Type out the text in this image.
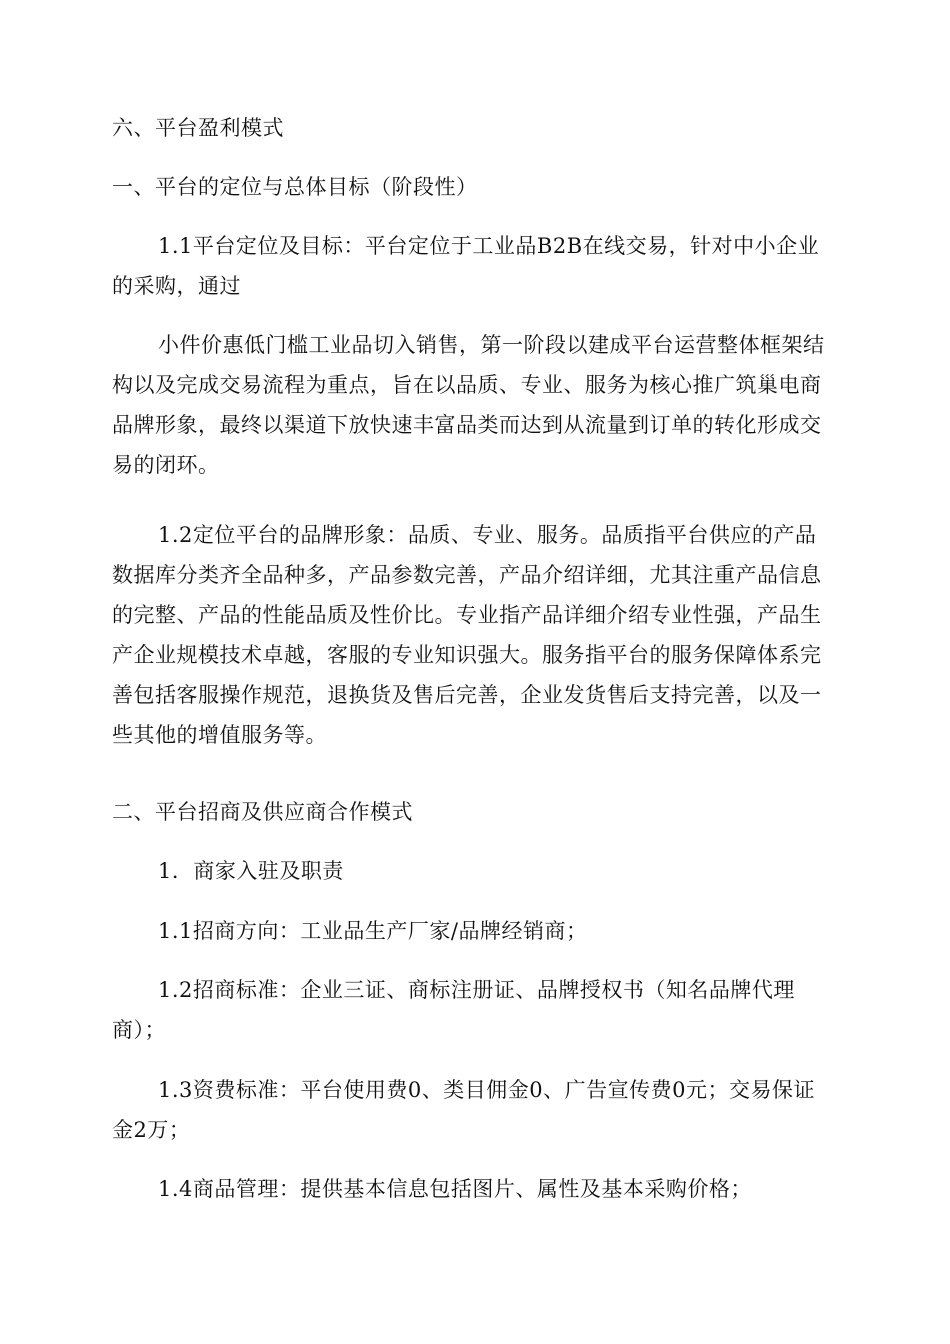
六、平台盈利模式

一、平台的定位与总体目标（阶段性）

1.1平台定位及目标：平台定位于工业品B2B在线交易，针对中小企业的采购，通过

小件价惠低门槛工业品切入销售，第一阶段以建成平台运营整体框架结构以及完成交易流程为重点，旨在以品质、专业、服务为核心推广筑巢电商品牌形象，最终以渠道下放快速丰富品类而达到从流量到订单的转化形成交易的闭环。

1.2定位平台的品牌形象：品质、专业、服务。品质指平台供应的产品数据库分类齐全品种多，产品参数完善，产品介绍详细，尤其注重产品信息的完整、产品的性能品质及性价比。专业指产品详细介绍专业性强，产品生产企业规模技术卓越，客服的专业知识强大。服务指平台的服务保障体系完善包括客服操作规范，退换货及售后完善，企业发货售后支持完善，以及一些其他的增值服务等。

二、平台招商及供应商合作模式

1．商家入驻及职责

1.1招商方向：工业品生产厂家/品牌经销商；

1.2招商标准：企业三证、商标注册证、品牌授权书（知名品牌代理商）；

1.3资费标准：平台使用费0、类目佣金0、广告宣传费0元；交易保证金2万；

1.4商品管理：提供基本信息包括图片、属性及基本采购价格；
